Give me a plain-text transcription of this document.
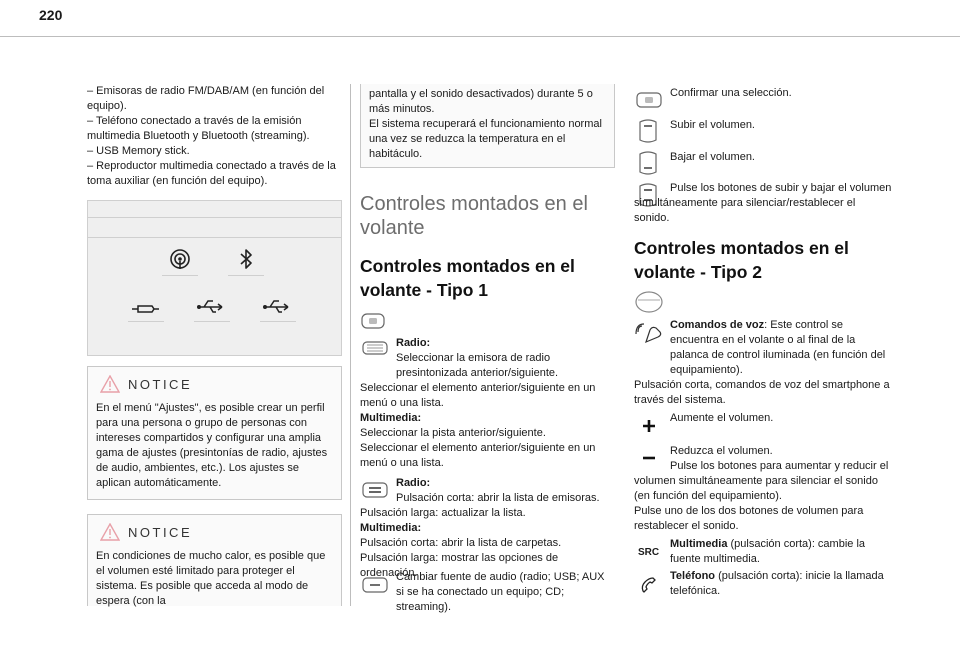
220

– Emisoras de radio FM/DAB/AM (en función del equipo).

– Teléfono conectado a través de la emisión multimedia Bluetooth y Bluetooth (streaming).

– USB Memory stick.

– Reproductor multimedia conectado a través de la toma auxiliar (en función del equipo).

NOTICE
En el menú "Ajustes", es posible crear un perfil para una persona o grupo de personas con intereses compartidos y configurar una amplia gama de ajustes (presintonías de radio, ajustes de audio, ambientes, etc.). Los ajustes se aplican automáticamente.
NOTICE
En condiciones de mucho calor, es posible que el volumen esté limitado para proteger el sistema. Es posible que acceda al modo de espera (con la
pantalla y el sonido desactivados) durante 5 o más minutos.
El sistema recuperará el funcionamiento normal una vez se reduzca la temperatura en el habitáculo.
Controles montados en el volante
Controles montados en el volante - Tipo 1
Radio:
Seleccionar la emisora de radio presintonizada anterior/siguiente.
Seleccionar el elemento anterior/siguiente en un menú o una lista.
Multimedia:
Seleccionar la pista anterior/siguiente.
Seleccionar el elemento anterior/siguiente en un menú o una lista.
Radio:
Pulsación corta: abrir la lista de emisoras.
Pulsación larga: actualizar la lista.
Multimedia:
Pulsación corta: abrir la lista de carpetas.
Pulsación larga: mostrar las opciones de ordenación.
Cambiar fuente de audio (radio; USB; AUX si se ha conectado un equipo; CD; streaming).
Confirmar una selección.
Subir el volumen.
Bajar el volumen.
Pulse los botones de subir y bajar el volumen simultáneamente para silenciar/restablecer el sonido.
Controles montados en el volante - Tipo 2
Comandos de voz: Este control se encuentra en el volante o al final de la palanca de control iluminada (en función del equipamiento).
Pulsación corta, comandos de voz del smartphone a través del sistema.
Aumente el volumen.
Reduzca el volumen.
Pulse los botones para aumentar y reducir el volumen simultáneamente para silenciar el sonido (en función del equipamiento).
Pulse uno de los dos botones de volumen para restablecer el sonido.
SRC
Multimedia (pulsación corta): cambie la fuente multimedia.
Teléfono (pulsación corta): inicie la llamada telefónica.
